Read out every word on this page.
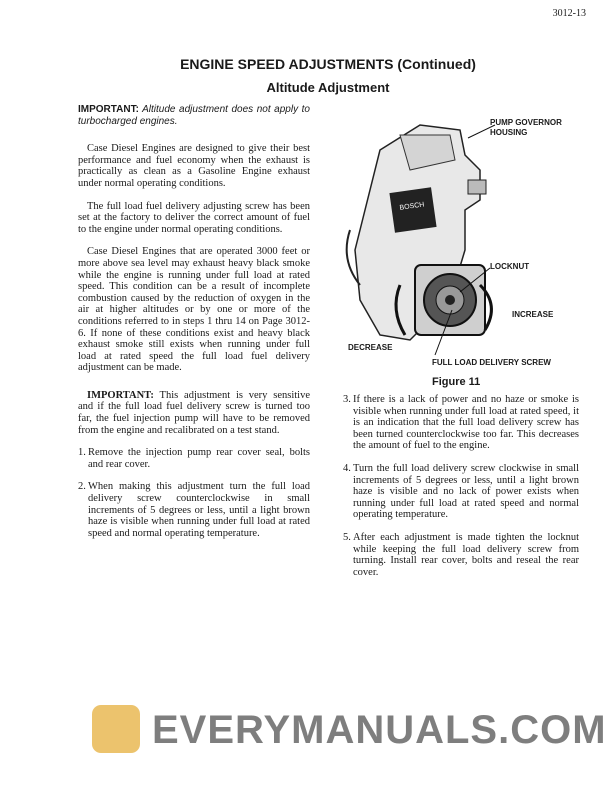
3012-13
ENGINE SPEED ADJUSTMENTS (Continued)
Altitude Adjustment

IMPORTANT: Altitude adjustment does not apply to turbocharged engines.

Case Diesel Engines are designed to give their best performance and fuel economy when the exhaust is practically as clean as a Gasoline Engine exhaust under normal operating conditions.

The full load fuel delivery adjusting screw has been set at the factory to deliver the correct amount of fuel to the engine under normal operating conditions.

Case Diesel Engines that are operated 3000 feet or more above sea level may exhaust heavy black smoke while the engine is running under full load at rated speed. This condition can be a result of incomplete combustion caused by the reduction of oxygen in the air at higher altitudes or by one or more of the conditions referred to in steps 1 thru 14 on Page 3012-6. If none of these conditions exist and heavy black exhaust smoke still exists when running under full load at rated speed the full load fuel delivery adjustment can be made.

IMPORTANT: This adjustment is very sensitive and if the full load fuel delivery screw is turned too far, the fuel injection pump will have to be removed from the engine and recalibrated on a test stand.

1. Remove the injection pump rear cover seal, bolts and rear cover.
2. When making this adjustment turn the full load delivery screw counterclockwise in small increments of 5 degrees or less, until a light brown haze is visible when running under full load at rated speed and normal operating temperature.
BOSCH
PUMP GOVERNOR HOUSING
LOCKNUT
INCREASE
DECREASE
FULL LOAD DELIVERY SCREW
Figure 11
3. If there is a lack of power and no haze or smoke is visible when running under full load at rated speed, it is an indication that the full load delivery screw has been turned counterclockwise too far. This decreases the amount of fuel to the engine.
4. Turn the full load delivery screw clockwise in small increments of 5 degrees or less, until a light brown haze is visible and no lack of power exists when running under full load at rated speed and normal operating temperature.
5. After each adjustment is made tighten the locknut while keeping the full load delivery screw from turning. Install rear cover, bolts and reseal the rear cover.
EVERYMANUALS.COM
